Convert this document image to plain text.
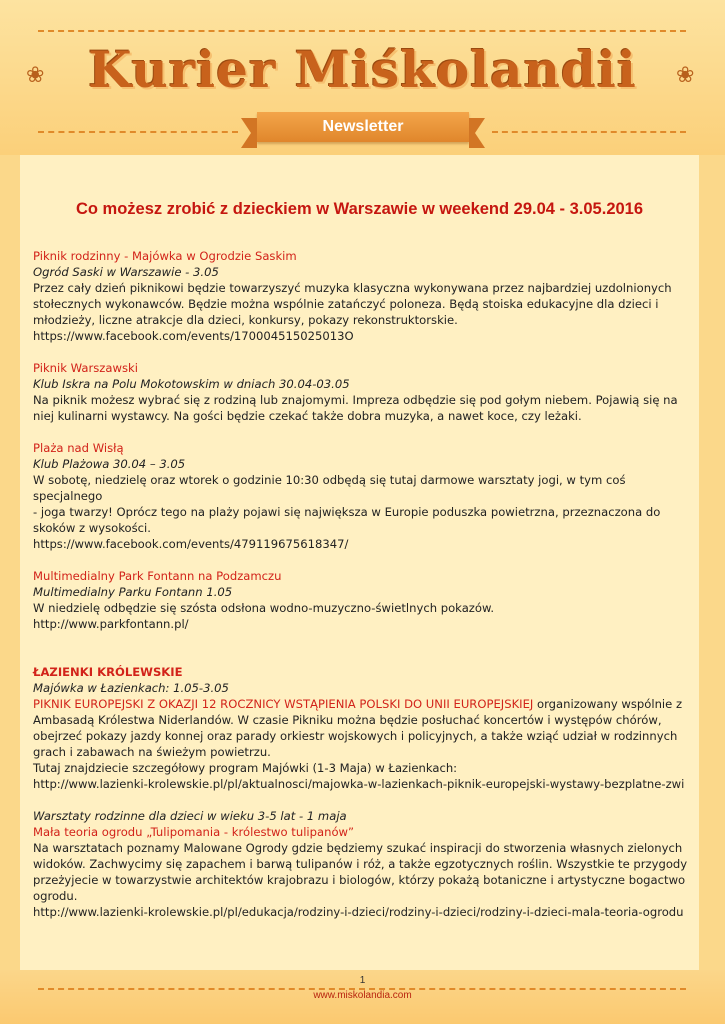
❀ Kurier Miśkolandii	❀
Newsletter
Co możesz zrobić z dzieckiem w Warszawie w weekend 29.04 - 3.05.2016

Piknik rodzinny - Majówka w Ogrodzie Saskim

Ogród Saski w Warszawie - 3.05

Przez cały dzień piknikowi będzie towarzyszyć muzyka klasyczna wykonywana przez najbardziej uzdolnionych stołecznych wykonawców. Będzie można wspólnie zatańczyć poloneza. Będą stoiska edukacyjne dla dzieci i młodzieży, liczne atrakcje dla dzieci, konkursy, pokazy rekonstruktorskie.

https://www.facebook.com/events/170004515025013O

Piknik Warszawski

Klub Iskra na Polu Mokotowskim w dniach 30.04-03.05

Na piknik możesz wybrać się z rodziną lub znajomymi. Impreza odbędzie się pod gołym niebem. Pojawią się na niej kulinarni wystawcy. Na gości będzie czekać także dobra muzyka, a nawet koce, czy leżaki.

Plaża nad Wisłą

Klub Plażowa 30.04 – 3.05

W sobotę, niedzielę oraz wtorek o godzinie 10:30 odbędą się tutaj darmowe warsztaty jogi, w tym coś specjalnego

- joga twarzy! Oprócz tego na plaży pojawi się największa w Europie poduszka powietrzna, przeznaczona do skoków z wysokości.

https://www.facebook.com/events/479119675618347/

Multimedialny Park Fontann na Podzamczu

Multimedialny Parku Fontann 1.05

W niedzielę odbędzie się szósta odsłona wodno-muzyczno-świetlnych pokazów.

http://www.parkfontann.pl/

ŁAZIENKI KRÓLEWSKIE

Majówka w Łazienkach: 1.05-3.05

PIKNIK EUROPEJSKI Z OKAZJI 12 ROCZNICY WSTĄPIENIA POLSKI DO UNII EUROPEJSKIEJ organizowany wspólnie z Ambasadą Królestwa Niderlandów. W czasie Pikniku można będzie posłuchać koncertów i występów chórów, obejrzeć pokazy jazdy konnej oraz parady orkiestr wojskowych i policyjnych, a także wziąć udział w rodzinnych grach i zabawach na świeżym powietrzu.

Tutaj znajdziecie szczegółowy program Majówki (1-3 Maja) w Łazienkach:

http://www.lazienki-krolewskie.pl/pl/aktualnosci/majowka-w-lazienkach-piknik-europejski-wystawy-bezplatne-zwi

Warsztaty rodzinne dla dzieci w wieku 3-5 lat - 1 maja

Mała teoria ogrodu „Tulipomania - królestwo tulipanów”

Na warsztatach poznamy Malowane Ogrody gdzie będziemy szukać inspiracji do stworzenia własnych zielonych widoków. Zachwycimy się zapachem i barwą tulipanów i róż, a także egzotycznych roślin. Wszystkie te przygody przeżyjecie w towarzystwie architektów krajobrazu i biologów, którzy pokażą botaniczne i artystyczne bogactwo ogrodu.

http://www.lazienki-krolewskie.pl/pl/edukacja/rodziny-i-dzieci/rodziny-i-dzieci/rodziny-i-dzieci-mala-teoria-ogrodu

1
www.miskolandia.com
